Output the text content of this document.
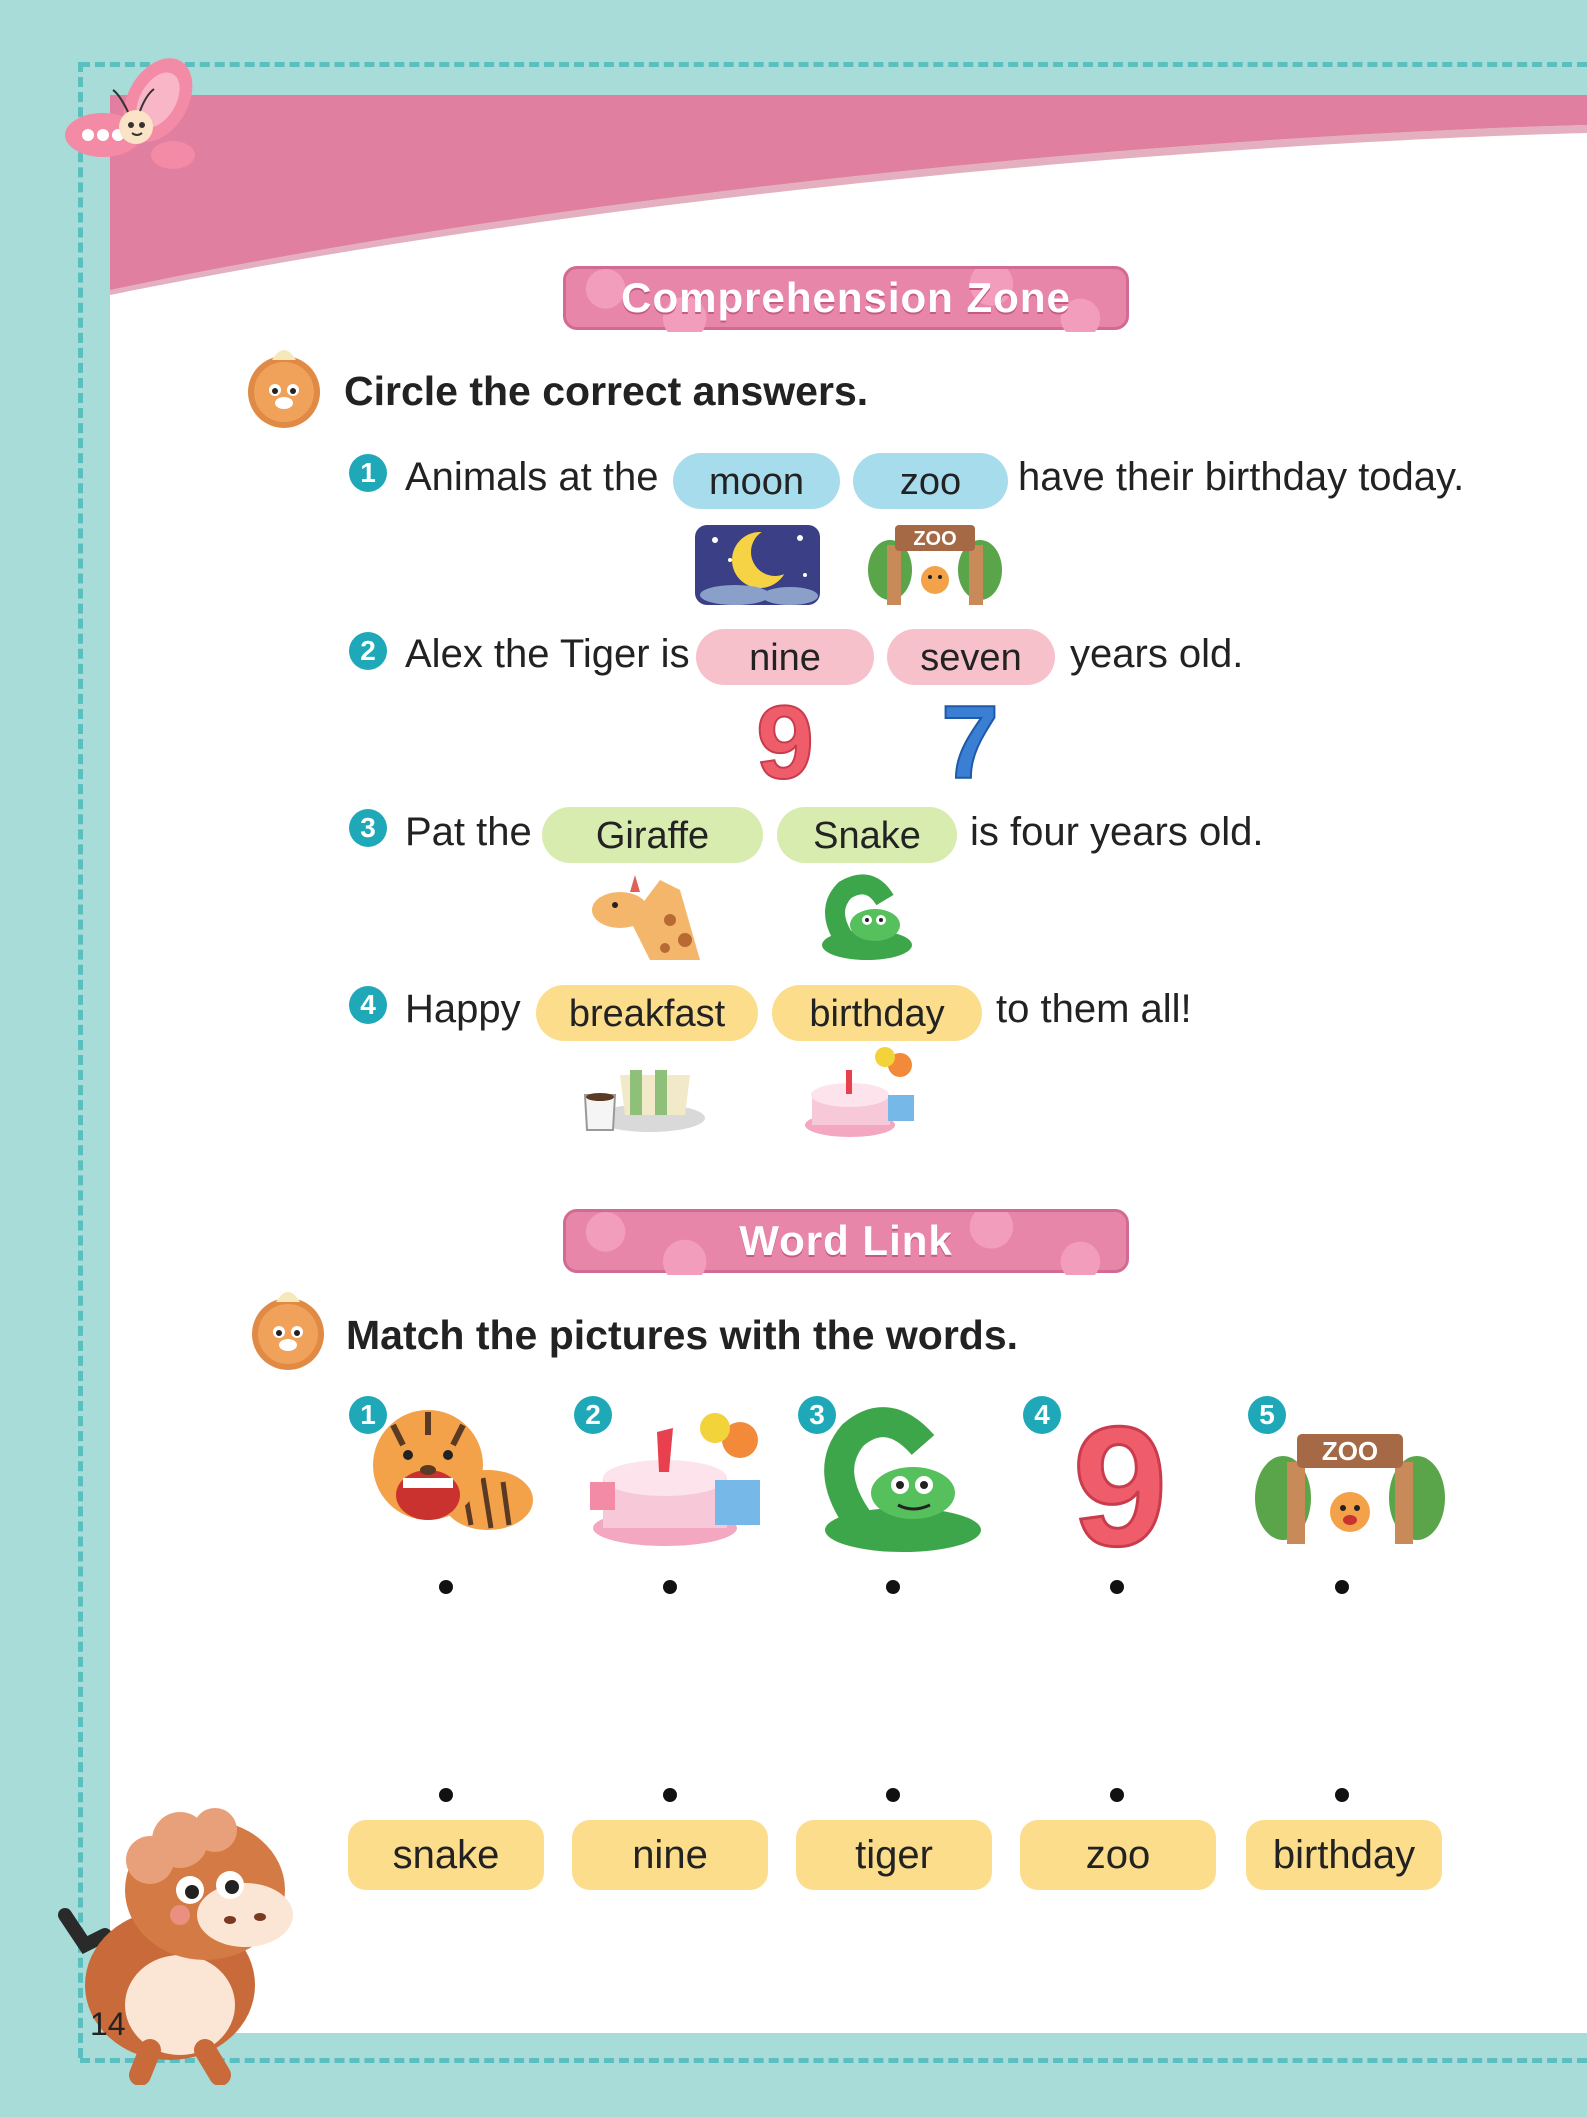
Comprehension Zone
Circle the correct answers.
1 Animals at the	moon	zoo	have their birthday today.
ZOO
2 Alex the Tiger is	nine	seven	years old.
9 7
3 Pat the	Giraffe	Snake	is four years old.
4 Happy	breakfast	birthday	to them all!
Word Link
Match the pictures with the words.
1	2	3	4 9	5
ZOO
snake	nine	tiger	zoo	birthday
14
